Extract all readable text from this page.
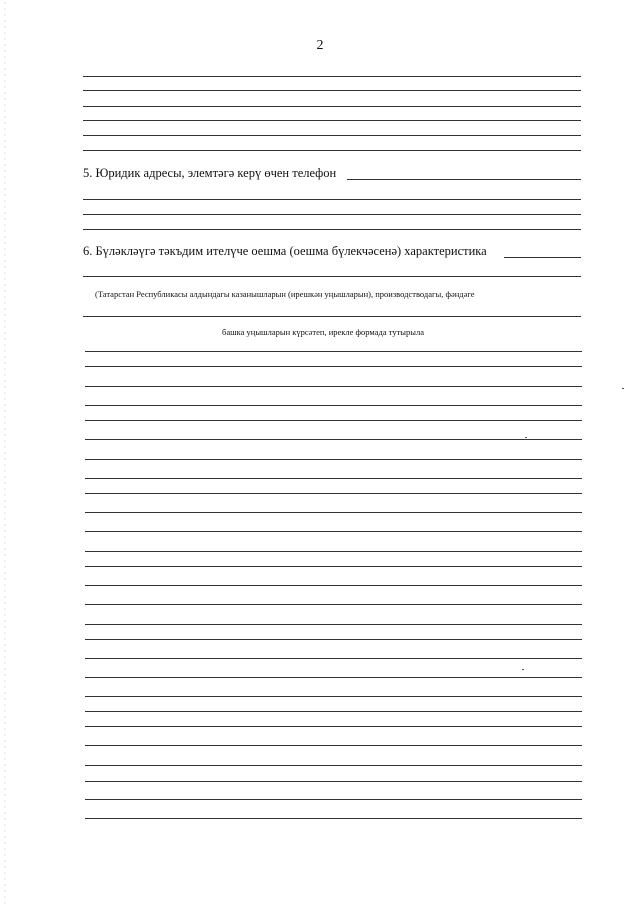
2
5. Юридик адресы, элемтәгә керү өчен телефон
6. Бүләкләүгә тәкъдим ителүче оешма (оешма бүлекчәсенә) характеристика
(Татарстан Республикасы алдындагы казанышларын (ирешкән уңышларын), производстводагы, фәндәге
башка уңышларын күрсәтеп, ирекле формада тутырыла
